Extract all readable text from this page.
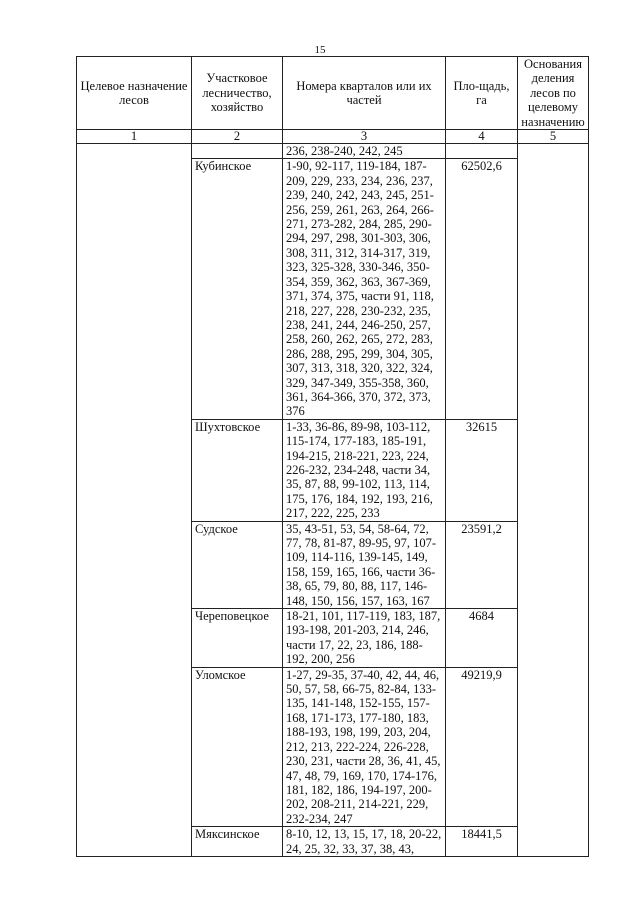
15
Целевое назначение лесов	Участковое лесничество, хозяйство	Номера кварталов или их частей	Пло-щадь, га	Основания деления лесов по целевому назначению
1	2	3	4	5
		236, 238-240, 242, 245		
	Кубинское	1-90, 92-117, 119-184, 187-209, 229, 233, 234, 236, 237, 239, 240, 242, 243, 245, 251-256, 259, 261, 263, 264, 266-271, 273-282, 284, 285, 290-294, 297, 298, 301-303, 306, 308, 311, 312, 314-317, 319, 323, 325-328, 330-346, 350-354, 359, 362, 363, 367-369, 371, 374, 375, части 91, 118, 218, 227, 228, 230-232, 235, 238, 241, 244, 246-250, 257, 258, 260, 262, 265, 272, 283, 286, 288, 295, 299, 304, 305, 307, 313, 318, 320, 322, 324, 329, 347-349, 355-358, 360, 361, 364-366, 370, 372, 373, 376	62502,6	
	Шухтовское	1-33, 36-86, 89-98, 103-112, 115-174, 177-183, 185-191, 194-215, 218-221, 223, 224, 226-232, 234-248, части 34, 35, 87, 88, 99-102, 113, 114, 175, 176, 184, 192, 193, 216, 217, 222, 225, 233	32615	
	Судское	35, 43-51, 53, 54, 58-64, 72, 77, 78, 81-87, 89-95, 97, 107-109, 114-116, 139-145, 149, 158, 159, 165, 166, части 36-38, 65, 79, 80, 88, 117, 146-148, 150, 156, 157, 163, 167	23591,2	
	Череповецкое	18-21, 101, 117-119, 183, 187, 193-198, 201-203, 214, 246, части 17, 22, 23, 186, 188-192, 200, 256	4684	
	Уломское	1-27, 29-35, 37-40, 42, 44, 46, 50, 57, 58, 66-75, 82-84, 133-135, 141-148, 152-155, 157-168, 171-173, 177-180, 183, 188-193, 198, 199, 203, 204, 212, 213, 222-224, 226-228, 230, 231, части 28, 36, 41, 45, 47, 48, 79, 169, 170, 174-176, 181, 182, 186, 194-197, 200-202, 208-211, 214-221, 229, 232-234, 247	49219,9	
	Мяксинское	8-10, 12, 13, 15, 17, 18, 20-22, 24, 25, 32, 33, 37, 38, 43,	18441,5	
